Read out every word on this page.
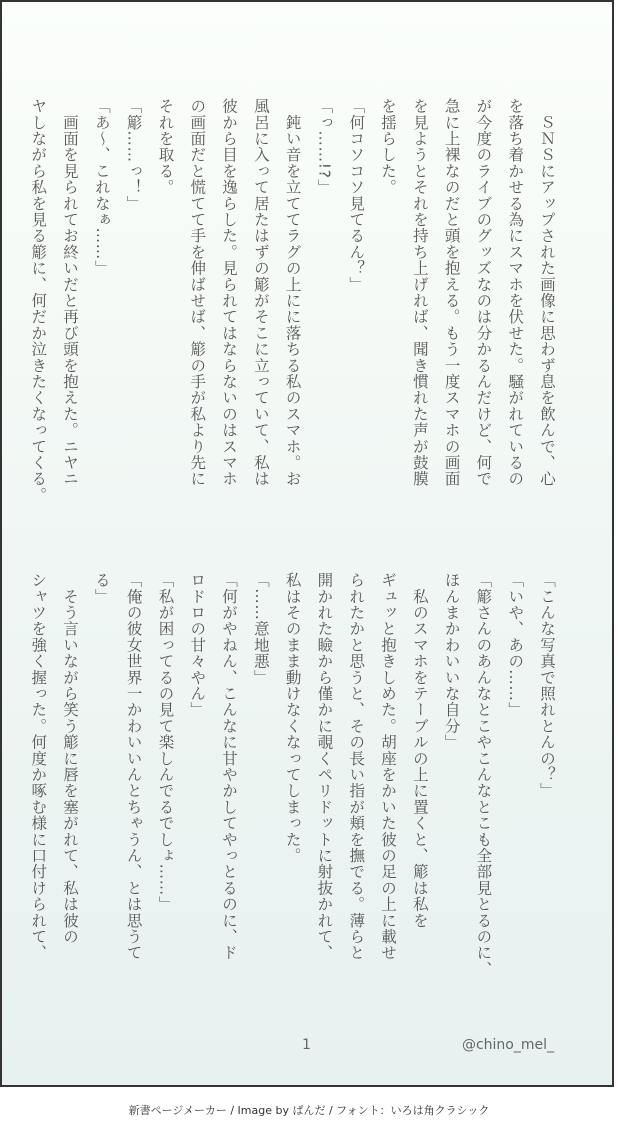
　ＳＮＳにアップされた画像に思わず息を飲んで、心
を落ち着かせる為にスマホを伏せた。騒がれているの
が今度のライブのグッズなのは分かるんだけど、何で
急に上裸なのだと頭を抱える。もう一度スマホの画面
を見ようとそれを持ち上げれば、聞き慣れた声が鼓膜
を揺らした。
「何コソコソ見てるん？」
「っ……!?」
　鈍い音を立ててラグの上にに落ちる私のスマホ。お
風呂に入って居たはずの簓がそこに立っていて、私は
彼から目を逸らした。見られてはならないのはスマホ
の画面だと慌てて手を伸ばせば、簓の手が私より先に
それを取る。
「簓……っ！」
「あ〜、これなぁ……」
　画面を見られてお終いだと再び頭を抱えた。ニヤニ
ヤしながら私を見る簓に、何だか泣きたくなってくる。
「こんな写真で照れとんの？」
「いや、あの……」
「簓さんのあんなとこやこんなとこも全部見とるのに、
ほんまかわいいな自分」
　私のスマホをテーブルの上に置くと、簓は私を
ギュッと抱きしめた。胡座をかいた彼の足の上に載せ
られたかと思うと、その長い指が頬を撫でる。薄らと
開かれた瞼から僅かに覗くペリドットに射抜かれて、
私はそのまま動けなくなってしまった。
「……意地悪」
「何がやねん、こんなに甘やかしてやっとるのに、ド
ロドロの甘々やん」
「私が困ってるの見て楽しんでるでしょ……」
「俺の彼女世界一かわいいんとちゃうん、とは思うて
る」
　そう言いながら笑う簓に唇を塞がれて、私は彼の
シャツを強く握った。何度か啄む様に口付けられて、
1	@chino_mel_
新書ページメーカー / Image by ぱんだ / フォント：いろは角クラシック
